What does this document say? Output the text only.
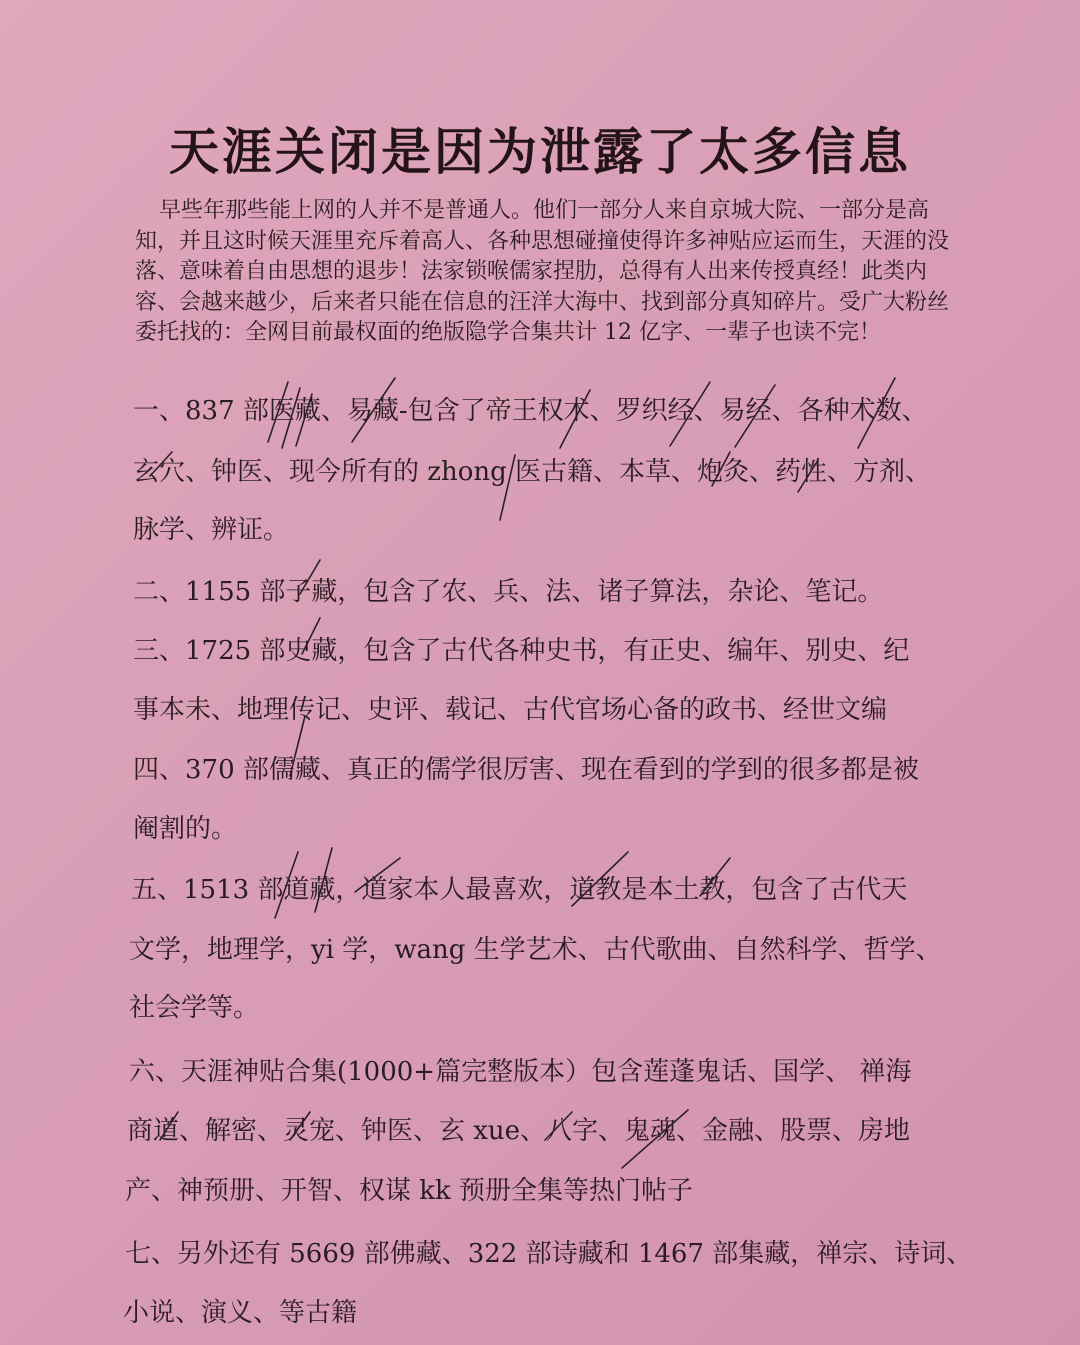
天涯关闭是因为泄露了太多信息
早些年那些能上网的人并不是普通人。他们一部分人来自京城大院、一部分是高知，并且这时候天涯里充斥着高人、各种思想碰撞使得许多神贴应运而生，天涯的没落、意味着自由思想的退步！法家锁喉儒家捏肋，总得有人出来传授真经！此类内容、会越来越少，后来者只能在信息的汪洋大海中、找到部分真知碎片。受广大粉丝委托找的：全网目前最权面的绝版隐学合集共计 12 亿字、一辈子也读不完！
一、837 部医藏、易藏-包含了帝王权术、罗织经、易经、各种术数、
玄穴、钟医、现今所有的 zhong 医古籍、本草、炮灸、药性、方剂、
脉学、辨证。
二、1155 部子藏，包含了农、兵、法、诸子算法，杂论、笔记。
三、1725 部史藏，包含了古代各种史书，有正史、编年、别史、纪
事本未、地理传记、史评、载记、古代官场心备的政书、经世文编
四、370 部儒藏、真正的儒学很厉害、现在看到的学到的很多都是被
阉割的。
五、1513 部道藏，道家本人最喜欢，道教是本土教，包含了古代天
文学，地理学，yi 学，wang 生学艺术、古代歌曲、自然科学、哲学、
社会学等。
六、天涯神贴合集(1000+篇完整版本）包含莲蓬鬼话、国学、 禅海
商道、解密、灵宠、钟医、玄 xue、八字、鬼魂、金融、股票、房地
产、神预册、开智、权谋 kk 预册全集等热门帖子
七、另外还有 5669 部佛藏、322 部诗藏和 1467 部集藏，禅宗、诗词、
小说、演义、等古籍
